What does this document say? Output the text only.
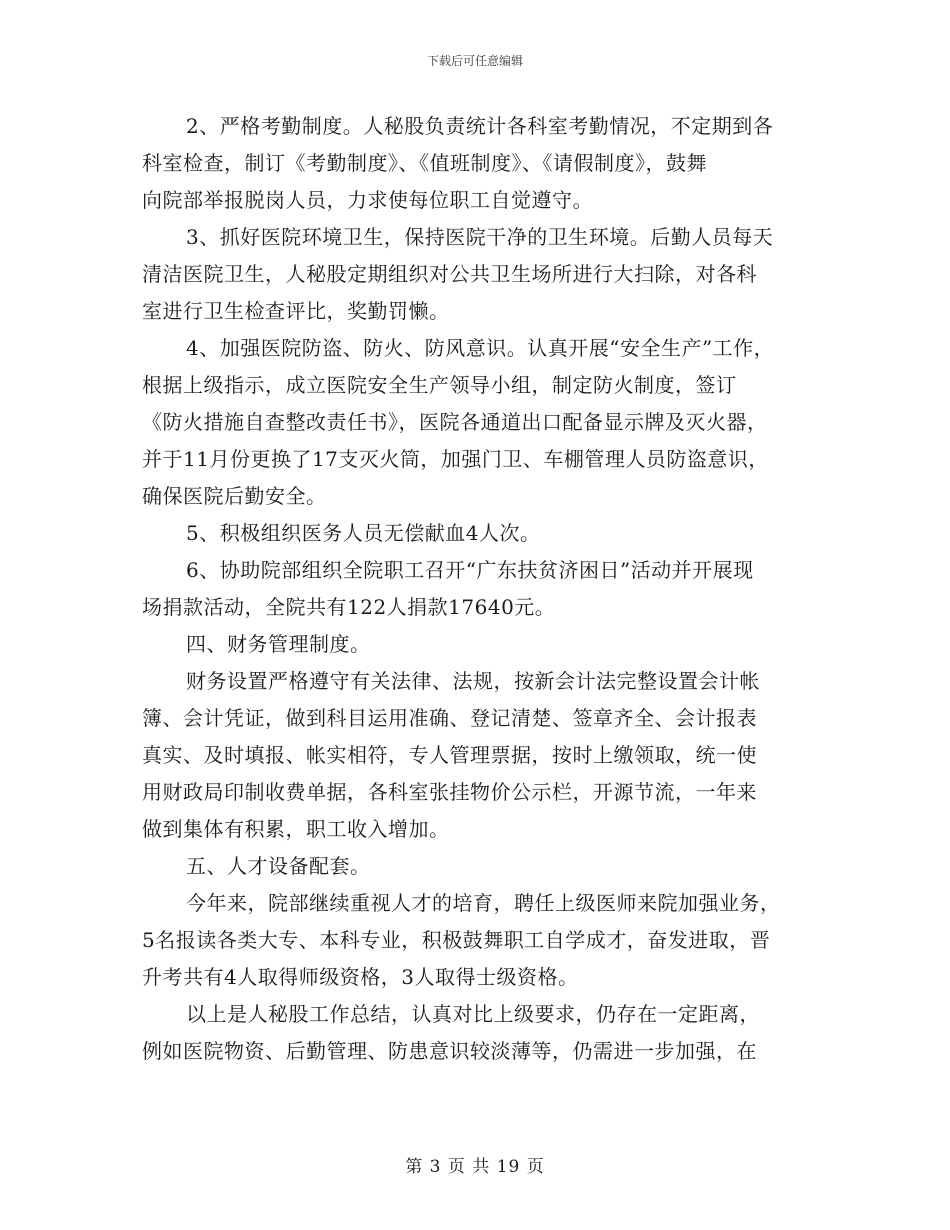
下载后可任意编辑
2、严格考勤制度。人秘股负责统计各科室考勤情况，不定期到各
科室检查，制订《考勤制度》、《值班制度》、《请假制度》，鼓舞
向院部举报脱岗人员，力求使每位职工自觉遵守。
3、抓好医院环境卫生，保持医院干净的卫生环境。后勤人员每天
清洁医院卫生，人秘股定期组织对公共卫生场所进行大扫除，对各科
室进行卫生检查评比，奖勤罚懒。
4、加强医院防盗、防火、防风意识。认真开展“安全生产”工作，
根据上级指示，成立医院安全生产领导小组，制定防火制度，签订
《防火措施自查整改责任书》，医院各通道出口配备显示牌及灭火器，
并于11月份更换了17支灭火筒，加强门卫、车棚管理人员防盗意识，
确保医院后勤安全。
5、积极组织医务人员无偿献血4人次。
6、协助院部组织全院职工召开“广东扶贫济困日”活动并开展现
场捐款活动，全院共有122人捐款17640元。
四、财务管理制度。
财务设置严格遵守有关法律、法规，按新会计法完整设置会计帐
簿、会计凭证，做到科目运用准确、登记清楚、签章齐全、会计报表
真实、及时填报、帐实相符，专人管理票据，按时上缴领取，统一使
用财政局印制收费单据，各科室张挂物价公示栏，开源节流，一年来
做到集体有积累，职工收入增加。
五、人才设备配套。
今年来，院部继续重视人才的培育，聘任上级医师来院加强业务，
5名报读各类大专、本科专业，积极鼓舞职工自学成才，奋发进取，晋
升考共有4人取得师级资格，3人取得士级资格。
以上是人秘股工作总结，认真对比上级要求，仍存在一定距离，
例如医院物资、后勤管理、防患意识较淡薄等，仍需进一步加强，在
第 3 页 共 19 页
